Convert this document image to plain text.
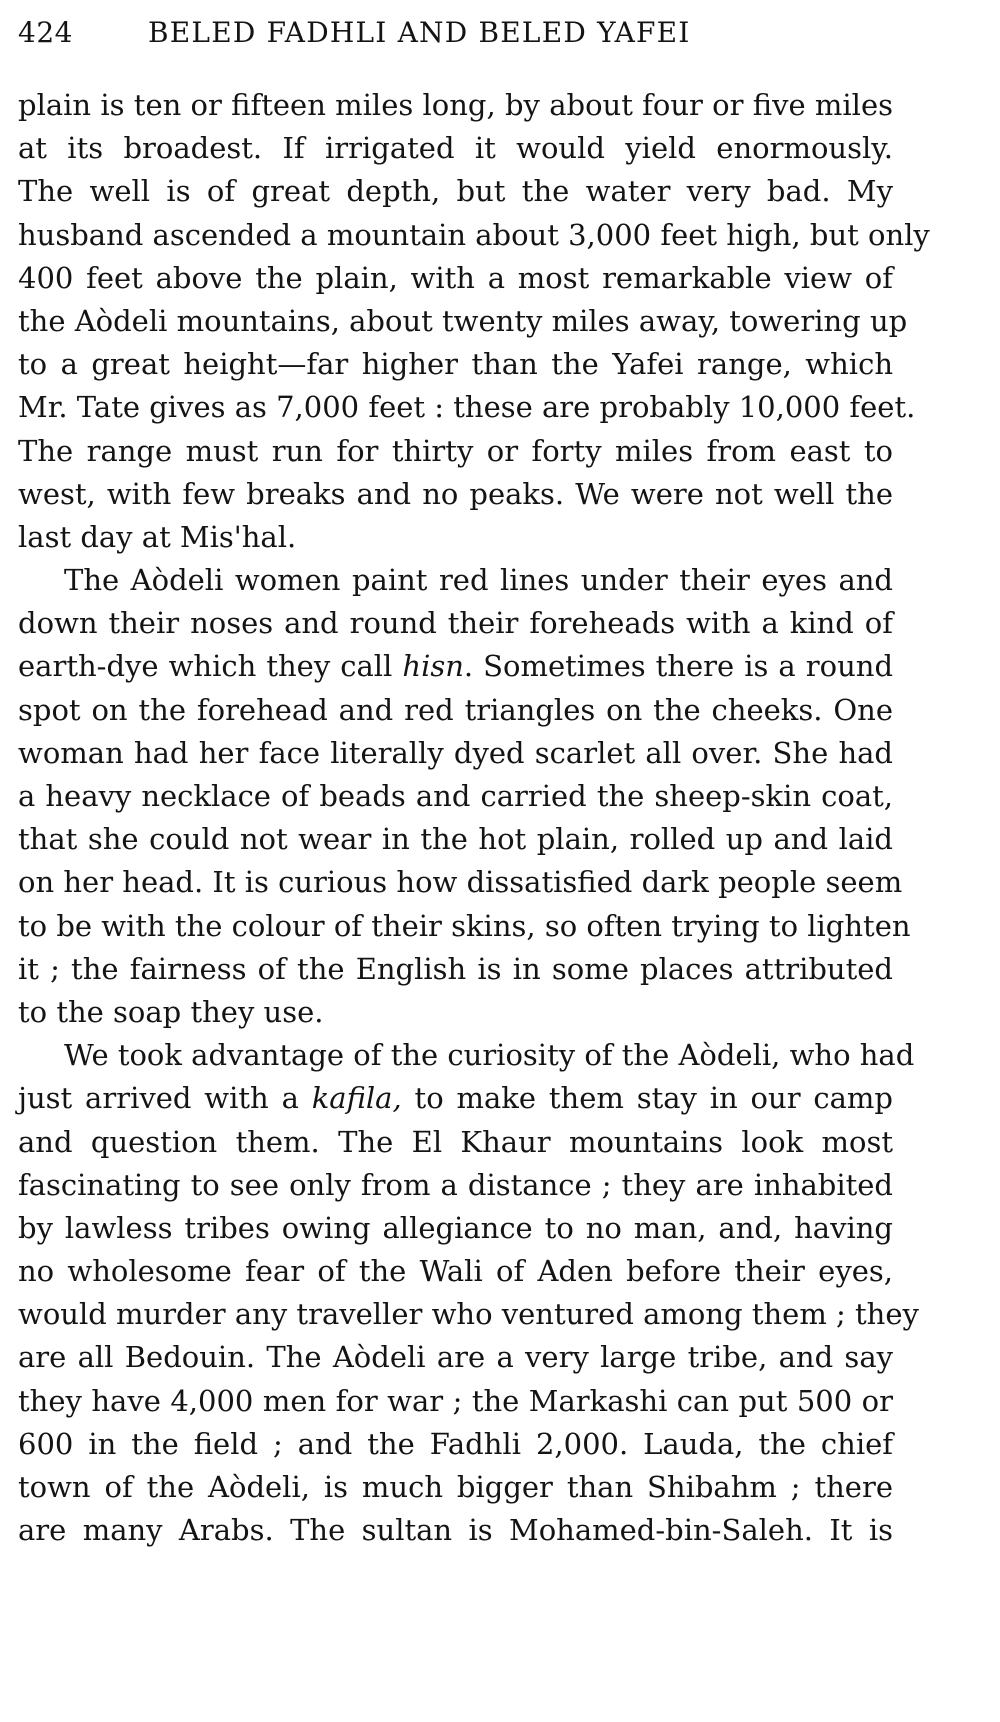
424	BELED FADHLI AND BELED YAFEI
plain is ten or fifteen miles long, by about four or five miles
at its broadest. If irrigated it would yield enormously.
The well is of great depth, but the water very bad. My
husband ascended a mountain about 3,000 feet high, but only
400 feet above the plain, with a most remarkable view of
the Aòdeli mountains, about twenty miles away, towering up
to a great height—far higher than the Yafei range, which
Mr. Tate gives as 7,000 feet : these are probably 10,000 feet.
The range must run for thirty or forty miles from east to
west, with few breaks and no peaks. We were not well the
last day at Mis'hal.
The Aòdeli women paint red lines under their eyes and
down their noses and round their foreheads with a kind of
earth-dye which they call hisn. Sometimes there is a round
spot on the forehead and red triangles on the cheeks. One
woman had her face literally dyed scarlet all over. She had
a heavy necklace of beads and carried the sheep-skin coat,
that she could not wear in the hot plain, rolled up and laid
on her head. It is curious how dissatisfied dark people seem
to be with the colour of their skins, so often trying to lighten
it ; the fairness of the English is in some places attributed
to the soap they use.
We took advantage of the curiosity of the Aòdeli, who had
just arrived with a kafila, to make them stay in our camp
and question them. The El Khaur mountains look most
fascinating to see only from a distance ; they are inhabited
by lawless tribes owing allegiance to no man, and, having
no wholesome fear of the Wali of Aden before their eyes,
would murder any traveller who ventured among them ; they
are all Bedouin. The Aòdeli are a very large tribe, and say
they have 4,000 men for war ; the Markashi can put 500 or
600 in the field ; and the Fadhli 2,000. Lauda, the chief
town of the Aòdeli, is much bigger than Shibahm ; there
are many Arabs. The sultan is Mohamed-bin-Saleh. It is
